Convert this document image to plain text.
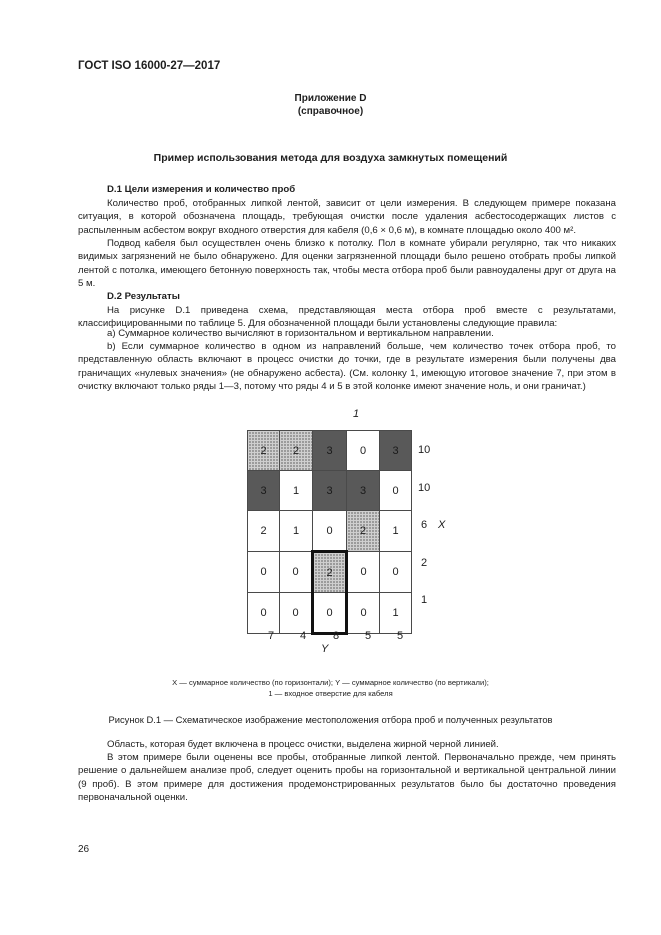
ГОСТ ISO 16000-27—2017
Приложение D
(справочное)
Пример использования метода для воздуха замкнутых помещений
D.1 Цели измерения и количество проб

Количество проб, отобранных липкой лентой, зависит от цели измерения. В следующем примере показана ситуация, в которой обозначена площадь, требующая очистки после удаления асбестосодержащих листов с распыленным асбестом вокруг входного отверстия для кабеля (0,6 × 0,6 м), в комнате площадью около 400 м².

Подвод кабеля был осуществлен очень близко к потолку. Пол в комнате убирали регулярно, так что никаких видимых загрязнений не было обнаружено. Для оценки загрязненной площади было решено отобрать пробы липкой лентой с потолка, имеющего бетонную поверхность так, чтобы места отбора проб были равноудалены друг от друга на 5 м.

D.2 Результаты

На рисунке D.1 приведена схема, представляющая места отбора проб вместе с результатами, классифицированными по таблице 5. Для обозначенной площади были установлены следующие правила:

a) Суммарное количество вычисляют в горизонтальном и вертикальном направлении.

b) Если суммарное количество в одном из направлений больше, чем количество точек отбора проб, то представленную область включают в процесс очистки до точки, где в результате измерения были получены два граничащих «нулевых значения» (не обнаружено асбеста). (См. колонку 1, имеющую итоговое значение 7, при этом в очистку включают только ряды 1—3, потому что ряды 4 и 5 в этой колонке имеют значение ноль, и они граничат.)

1
2	2	3	0	3
3	1	3	3	0
2	1	0	2	1
0	0	2	0	0
0	0	0	0	1
10
10
6 X
2
1
7 4 8 5 5
Y
X — суммарное количество (по горизонтали); Y — суммарное количество (по вертикали);
1 — входное отверстие для кабеля
Рисунок D.1 — Схематическое изображение местоположения отбора проб и полученных результатов

Область, которая будет включена в процесс очистки, выделена жирной черной линией.

В этом примере были оценены все пробы, отобранные липкой лентой. Первоначально прежде, чем принять решение о дальнейшем анализе проб, следует оценить пробы на горизонтальной и вертикальной центральной линии (9 проб). В этом примере для достижения продемонстрированных результатов было бы достаточно проведения первоначальной оценки.

26
